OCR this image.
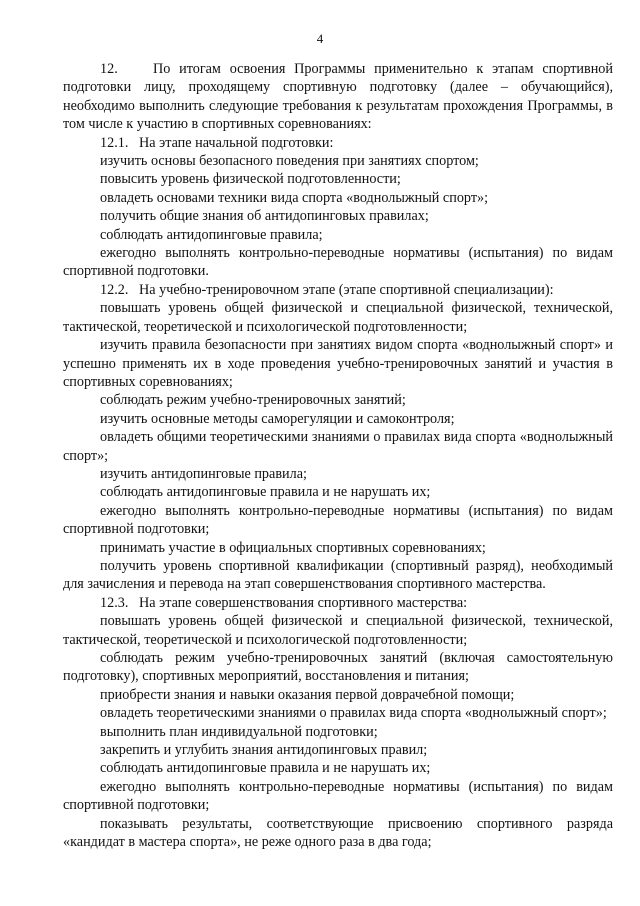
4

12.    По итогам освоения Программы применительно к этапам спортивной подготовки лицу, проходящему спортивную подготовку (далее – обучающийся), необходимо выполнить следующие требования к результатам прохождения Программы, в том числе к участию в спортивных соревнованиях:

12.1.   На этапе начальной подготовки:

изучить основы безопасного поведения при занятиях спортом;

повысить уровень физической подготовленности;

овладеть основами техники вида спорта «воднолыжный спорт»;

получить общие знания об антидопинговых правилах;

соблюдать антидопинговые правила;

ежегодно выполнять контрольно-переводные нормативы (испытания) по видам спортивной подготовки.

12.2.   На учебно-тренировочном этапе (этапе спортивной специализации):

повышать уровень общей физической и специальной физической, технической, тактической, теоретической и психологической подготовленности;

изучить правила безопасности при занятиях видом спорта «воднолыжный спорт» и успешно применять их в ходе проведения учебно-тренировочных занятий и участия в спортивных соревнованиях;

соблюдать режим учебно-тренировочных занятий;

изучить основные методы саморегуляции и самоконтроля;

овладеть общими теоретическими знаниями о правилах вида спорта «воднолыжный спорт»;

изучить антидопинговые правила;

соблюдать антидопинговые правила и не нарушать их;

ежегодно выполнять контрольно-переводные нормативы (испытания) по видам спортивной подготовки;

принимать участие в официальных спортивных соревнованиях;

получить уровень спортивной квалификации (спортивный разряд), необходимый для зачисления и перевода на этап совершенствования спортивного мастерства.

12.3.   На этапе совершенствования спортивного мастерства:

повышать уровень общей физической и специальной физической, технической, тактической, теоретической и психологической подготовленности;

соблюдать режим учебно-тренировочных занятий (включая самостоятельную подготовку), спортивных мероприятий, восстановления и питания;

приобрести знания и навыки оказания первой доврачебной помощи;

овладеть теоретическими знаниями о правилах вида спорта «воднолыжный спорт»;

выполнить план индивидуальной подготовки;

закрепить и углубить знания антидопинговых правил;

соблюдать антидопинговые правила и не нарушать их;

ежегодно выполнять контрольно-переводные нормативы (испытания) по видам спортивной подготовки;

показывать результаты, соответствующие присвоению спортивного разряда «кандидат в мастера спорта», не реже одного раза в два года;
